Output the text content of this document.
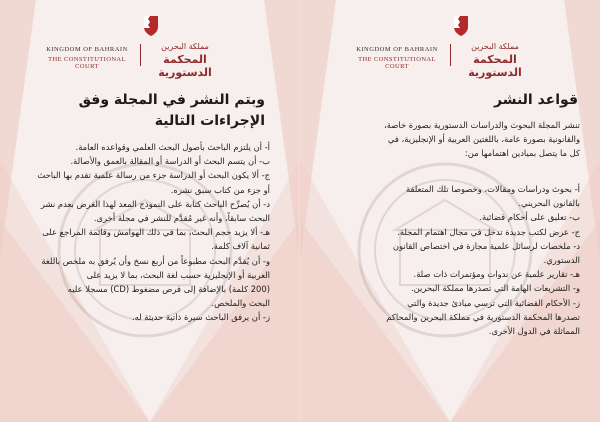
KINGDOM OF BAHRAIN
THE CONSTITUTIONAL COURT
مملكة البحرين
المحكمة الدستورية
وبتم النشر في المجلة وفق
الإجراءات التالية

أ- أن يلتزم الباحث بأصول البحث العلمي وقواعده العامة.

ب- أن يتسم البحث أو الدراسة أو المقالة بالعمق والأصالة.

ج- ألا يكون البحث أو الدراسة جزء من رسالة علمية تقدم بها الباحث

أو جزء من كتاب سبق نشره.

د- أن يُصرِّح الباحث كتابة على النموذج المعد لهذا الغرض بعدم نشر

البحث سابقاً، وأنه غير مُقدَّم للنشر في مجلة أخرى.

هـ- ألا يزيد حجم البحث، بما في ذلك الهوامش وقائمة المراجع على

ثمانية آلاف كلمة.

و- أن يُقدَّم البحث مطبوعاً من أربع نسخ وأن يُرفق به ملخص باللغة

العربية أو الإنجليزية حسب لغة البحث، بما لا يزيد على

(200 كلمة) بالإضافة إلى قرص مضغوط (CD) مسجلا عليه

البحث والملخص.

ز- أن يرفق الباحث سيرة ذاتية حديثة له.

KINGDOM OF BAHRAIN
THE CONSTITUTIONAL COURT
مملكة البحرين
المحكمة الدستورية
قواعد النشر

تنشر المجلة البحوث والدراسات الدستورية بصورة خاصة،

والقانونية بصورة عامة، باللغتين العربية أو الإنجليزية، في

كل ما يتصل بميادين اهتمامها من:

أ- بحوث ودراسات ومقالات، وخصوصا تلك المتعلقة

بالقانون البحريني.

ب- تعليق على أحكام قضائية.

ج- عرض لكتب جديدة تدخل في مجال اهتمام المجلة.

د- ملخصات لرسائل علمية مجازة في اختصاص القانون

الدستوري.

هـ- تقارير علمية عن ندوات ومؤتمرات ذات صلة.

و- التشريعات الهامة التي تصدرها مملكة البحرين.

ز- الأحكام القضائية التي ترسي مبادئ جديدة والتي

تصدرها المحكمة الدستورية في مملكة البحرين والمحاكم

المماثلة في الدول الأخرى.
